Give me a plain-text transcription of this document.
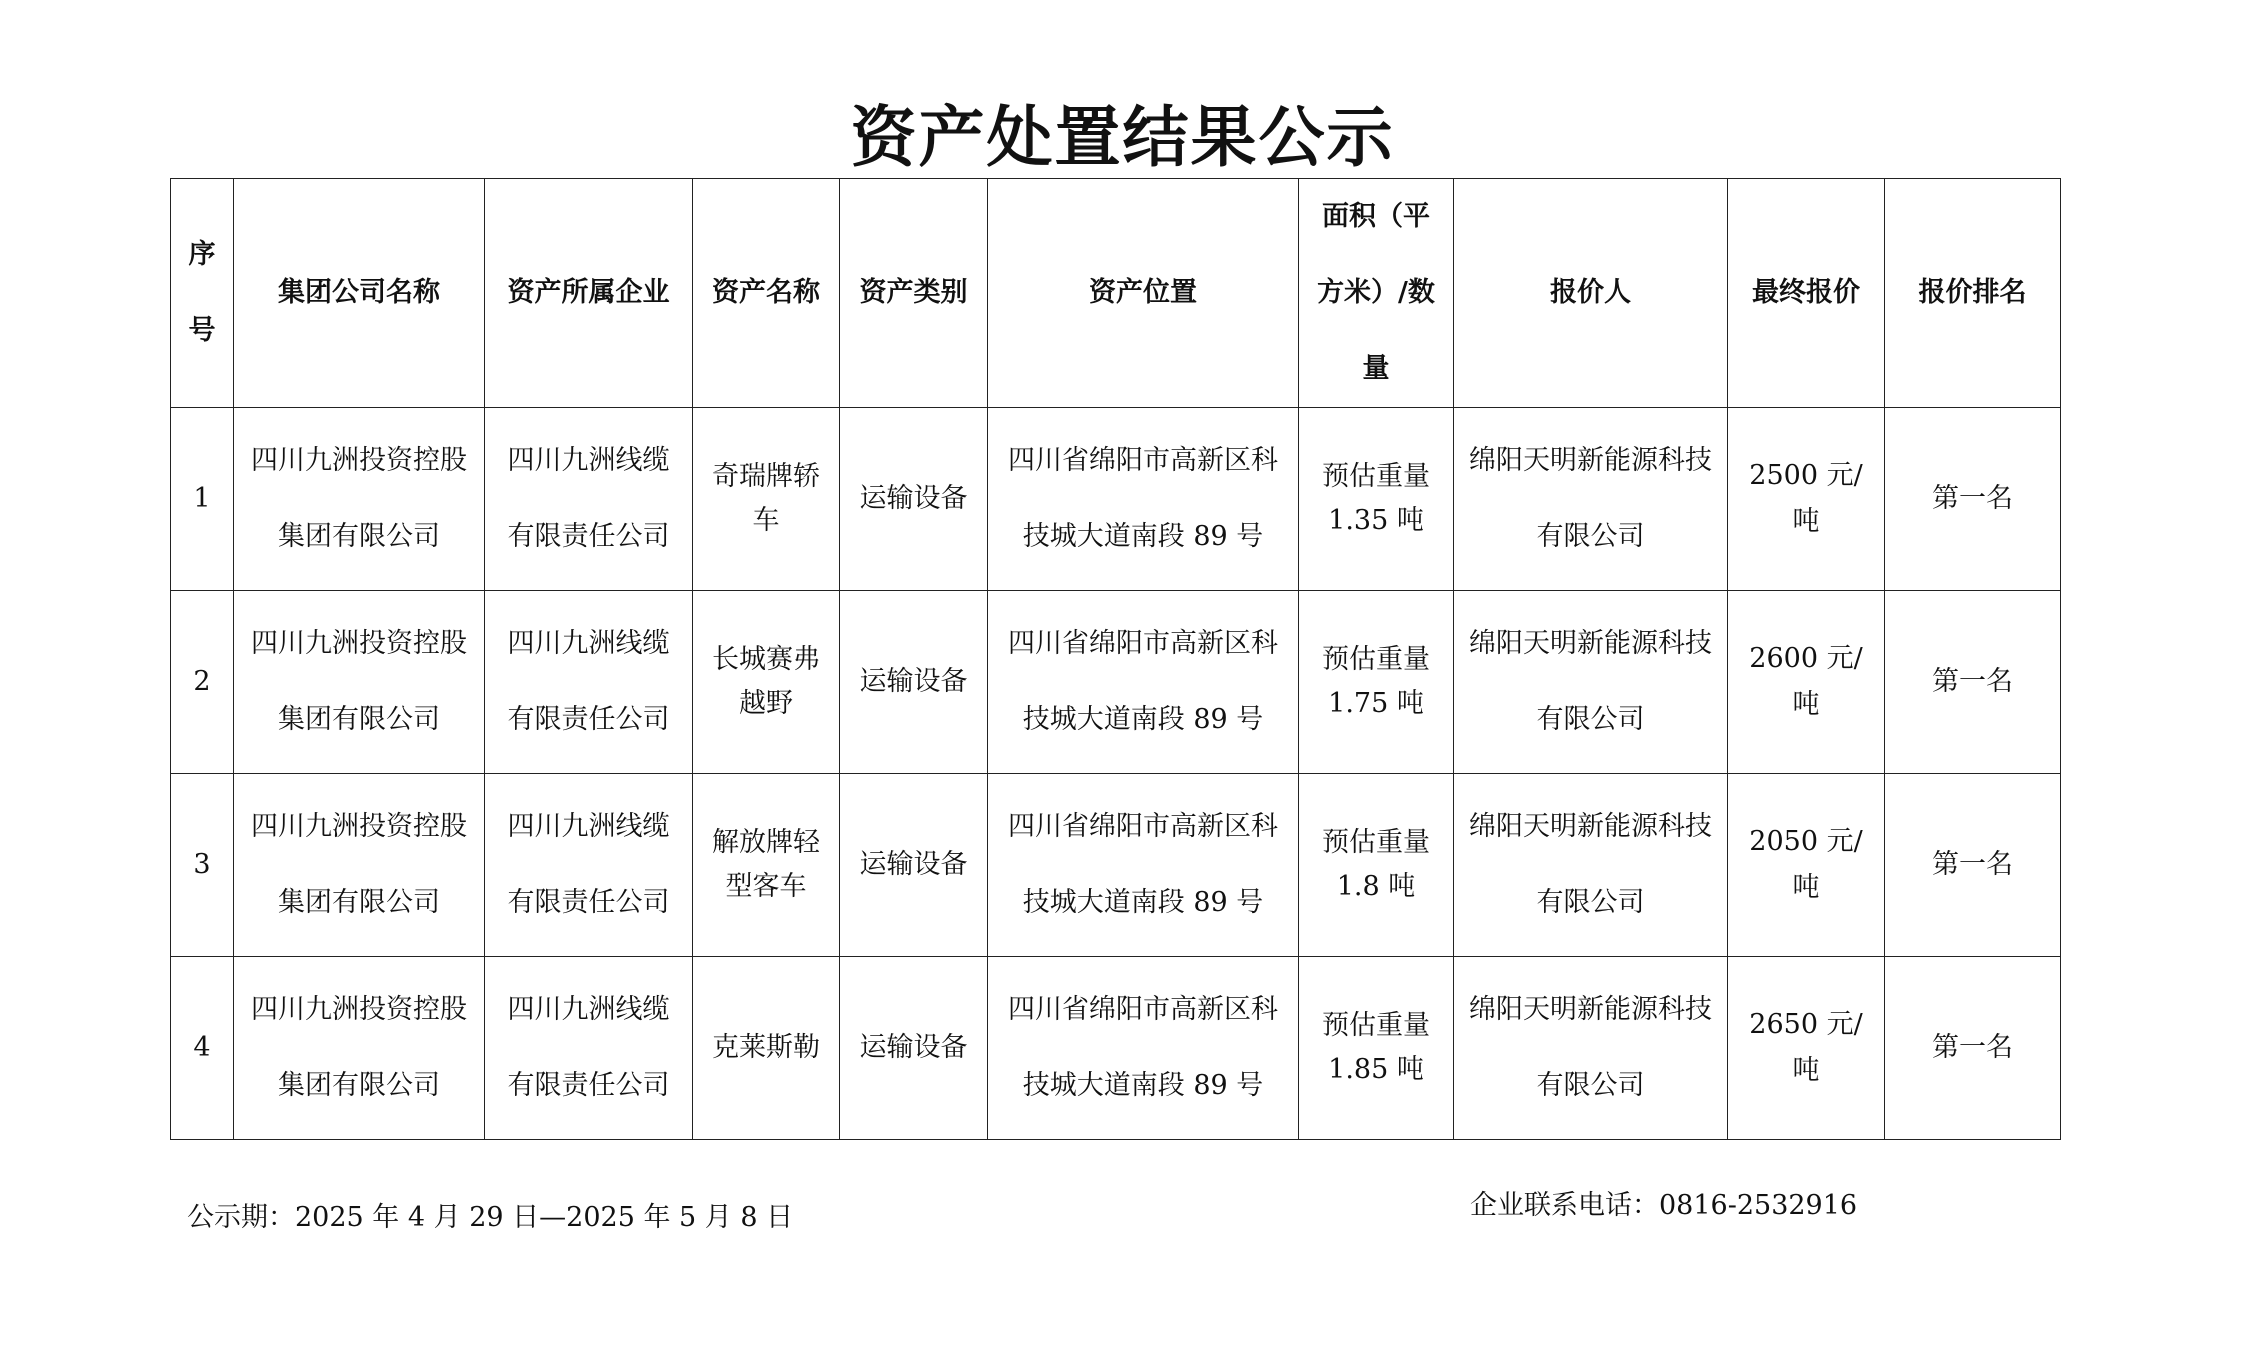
资产处置结果公示
序号	集团公司名称	资产所属企业	资产名称	资产类别	资产位置	面积（平方米）/数量	报价人	最终报价	报价排名
1	四川九洲投资控股集团有限公司	四川九洲线缆有限责任公司	奇瑞牌轿车	运输设备	四川省绵阳市高新区科技城大道南段 89 号	预估重量 1.35 吨	绵阳天明新能源科技有限公司	2500 元/吨	第一名
2	四川九洲投资控股集团有限公司	四川九洲线缆有限责任公司	长城赛弗越野	运输设备	四川省绵阳市高新区科技城大道南段 89 号	预估重量 1.75 吨	绵阳天明新能源科技有限公司	2600 元/吨	第一名
3	四川九洲投资控股集团有限公司	四川九洲线缆有限责任公司	解放牌轻型客车	运输设备	四川省绵阳市高新区科技城大道南段 89 号	预估重量 1.8 吨	绵阳天明新能源科技有限公司	2050 元/吨	第一名
4	四川九洲投资控股集团有限公司	四川九洲线缆有限责任公司	克莱斯勒	运输设备	四川省绵阳市高新区科技城大道南段 89 号	预估重量 1.85 吨	绵阳天明新能源科技有限公司	2650 元/吨	第一名
公示期：2025 年 4 月 29 日—2025 年 5 月 8 日	企业联系电话：0816-2532916
